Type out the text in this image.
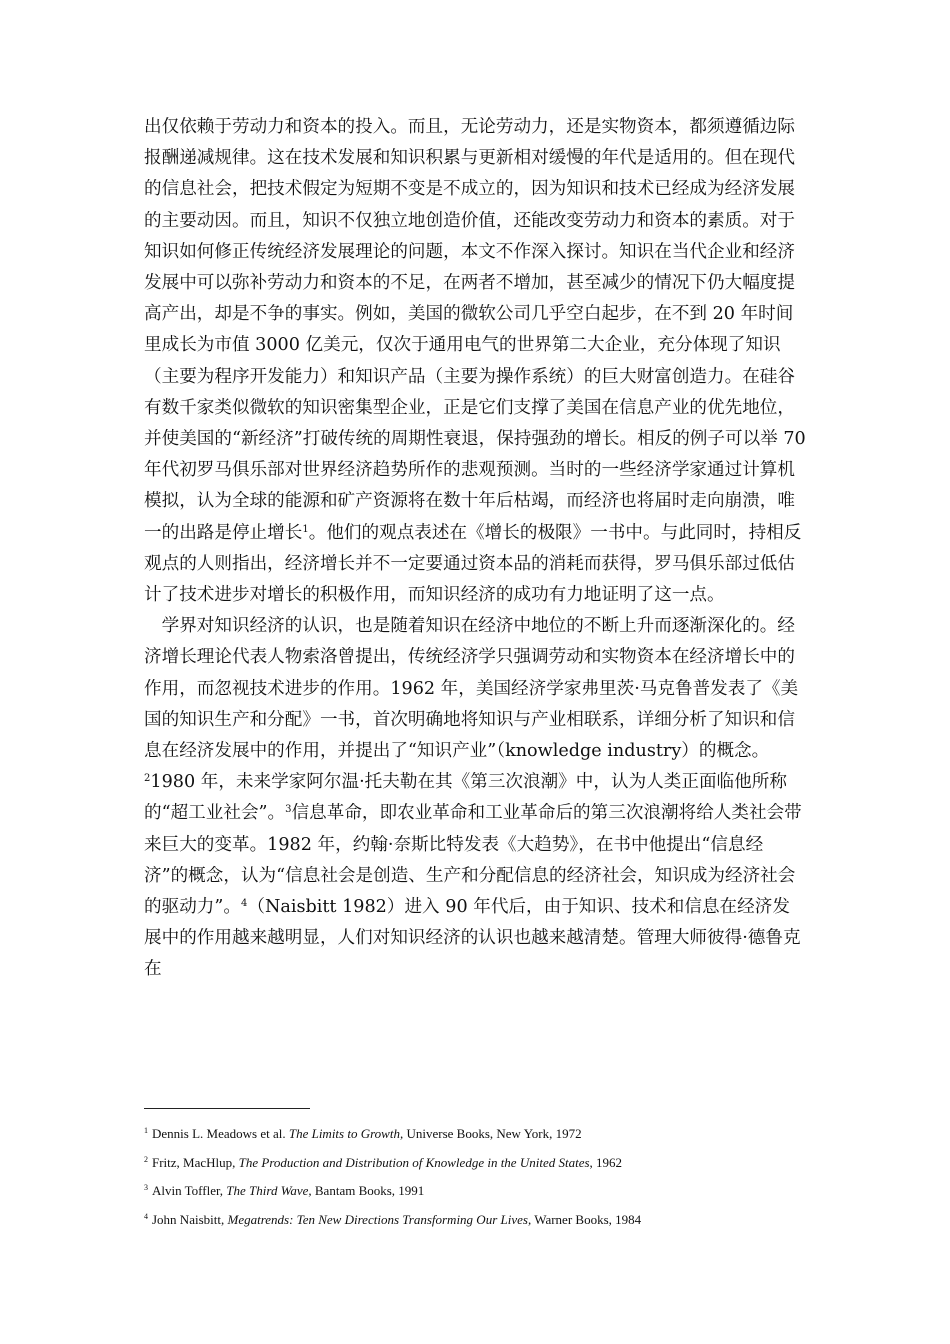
出仅依赖于劳动力和资本的投入。而且，无论劳动力，还是实物资本，都须遵循边际报酬递减规律。这在技术发展和知识积累与更新相对缓慢的年代是适用的。但在现代的信息社会，把技术假定为短期不变是不成立的，因为知识和技术已经成为经济发展的主要动因。而且，知识不仅独立地创造价值，还能改变劳动力和资本的素质。对于知识如何修正传统经济发展理论的问题，本文不作深入探讨。知识在当代企业和经济发展中可以弥补劳动力和资本的不足，在两者不增加，甚至减少的情况下仍大幅度提高产出，却是不争的事实。例如，美国的微软公司几乎空白起步，在不到 20 年时间里成长为市值 3000 亿美元，仅次于通用电气的世界第二大企业，充分体现了知识（主要为程序开发能力）和知识产品（主要为操作系统）的巨大财富创造力。在硅谷有数千家类似微软的知识密集型企业，正是它们支撑了美国在信息产业的优先地位，并使美国的“新经济”打破传统的周期性衰退，保持强劲的增长。相反的例子可以举 70 年代初罗马俱乐部对世界经济趋势所作的悲观预测。当时的一些经济学家通过计算机模拟，认为全球的能源和矿产资源将在数十年后枯竭，而经济也将届时走向崩溃，唯一的出路是停止增长$^1$。他们的观点表述在《增长的极限》一书中。与此同时，持相反观点的人则指出，经济增长并不一定要通过资本品的消耗而获得，罗马俱乐部过低估计了技术进步对增长的积极作用，而知识经济的成功有力地证明了这一点。

学界对知识经济的认识，也是随着知识在经济中地位的不断上升而逐渐深化的。经济增长理论代表人物索洛曾提出，传统经济学只强调劳动和实物资本在经济增长中的作用，而忽视技术进步的作用。1962 年，美国经济学家弗里茨·马克鲁普发表了《美国的知识生产和分配》一书，首次明确地将知识与产业相联系，详细分析了知识和信息在经济发展中的作用，并提出了“知识产业”（knowledge industry）的概念。$^2$1980 年，未来学家阿尔温·托夫勒在其《第三次浪潮》中，认为人类正面临他所称的“超工业社会”。$^3$信息革命，即农业革命和工业革命后的第三次浪潮将给人类社会带来巨大的变革。1982 年，约翰·奈斯比特发表《大趋势》，在书中他提出“信息经济”的概念，认为“信息社会是创造、生产和分配信息的经济社会，知识成为经济社会的驱动力”。$^4$（Naisbitt 1982）进入 90 年代后，由于知识、技术和信息在经济发展中的作用越来越明显，人们对知识经济的认识也越来越清楚。管理大师彼得·德鲁克在

$^1$ Dennis L. Meadows et al. The Limits to Growth, Universe Books, New York, 1972
$^2$ Fritz, MacHlup, The Production and Distribution of Knowledge in the United States, 1962
$^3$ Alvin Toffler, The Third Wave, Bantam Books, 1991
$^4$ John Naisbitt, Megatrends: Ten New Directions Transforming Our Lives, Warner Books, 1984
